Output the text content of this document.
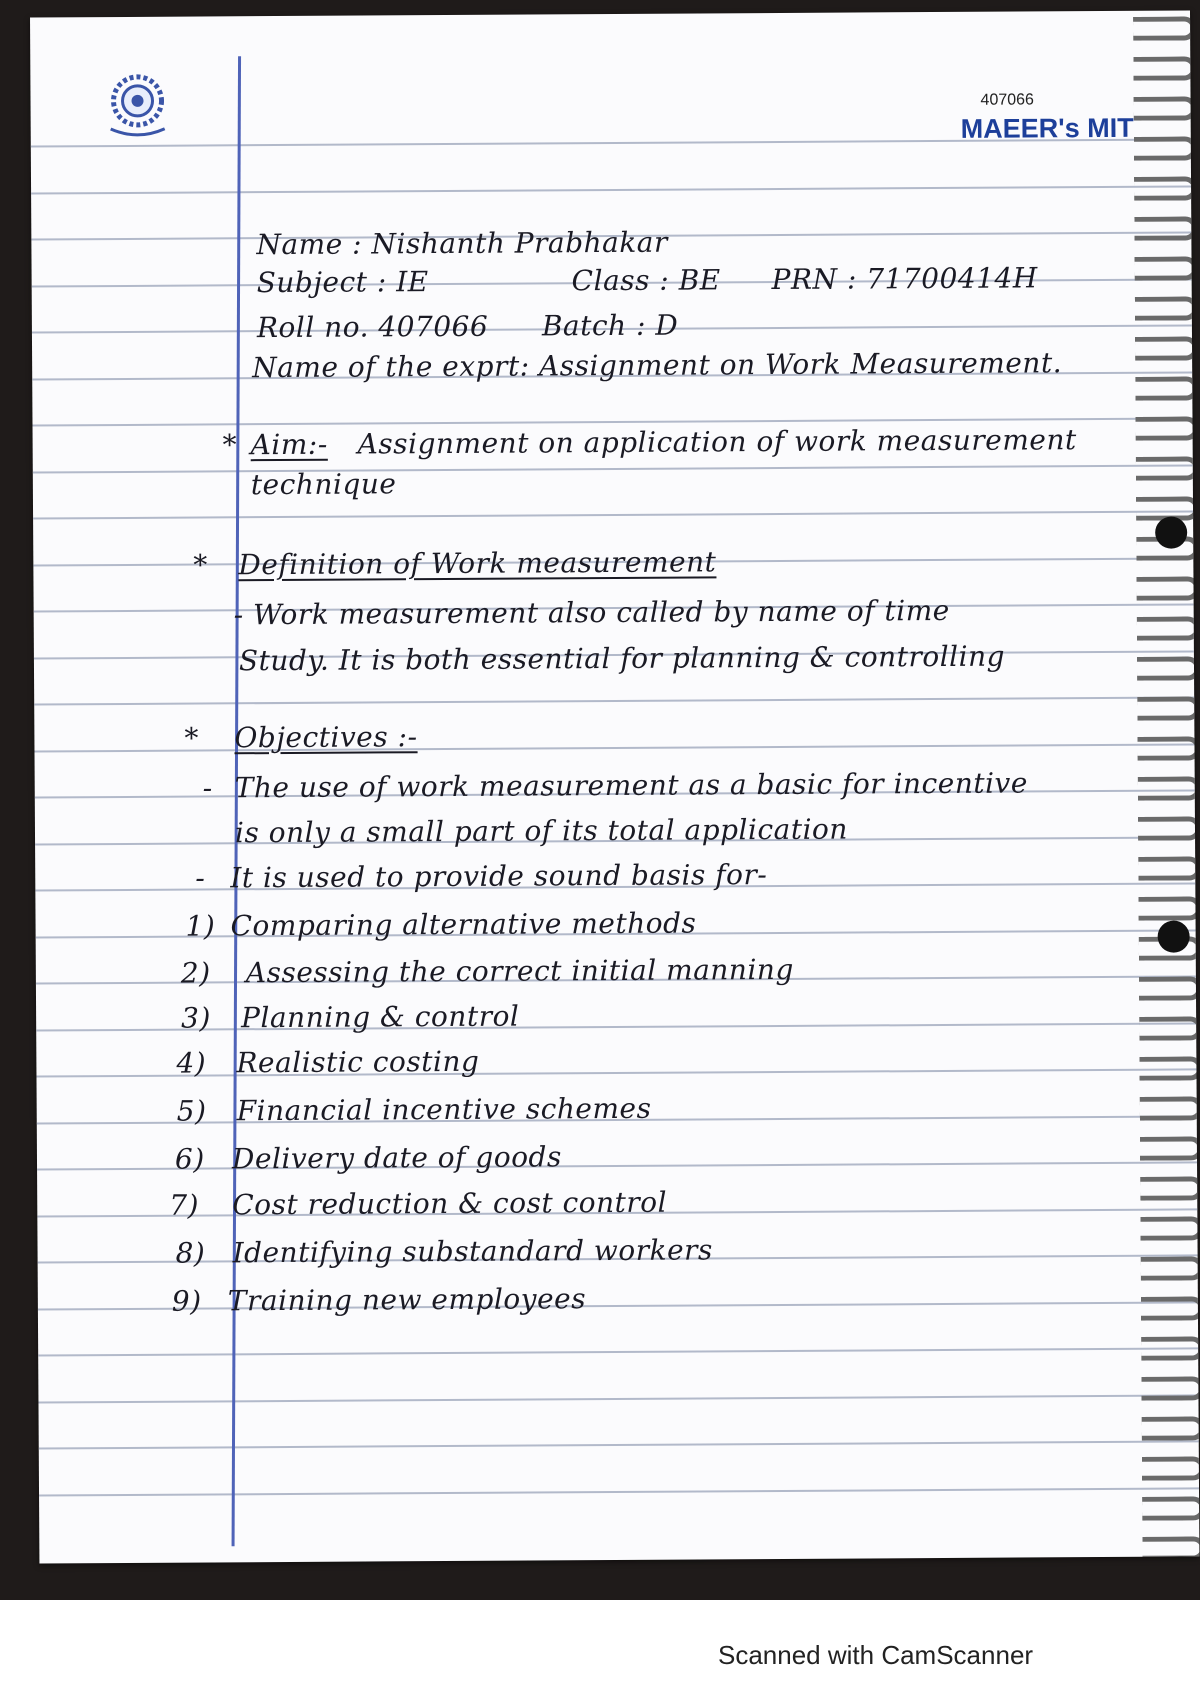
407066
MAEER's MIT
Name : Nishanth Prabhakar
Subject : IE	Class : BE PRN : 71700414H
Roll no. 407066 Batch : D
Name of the exprt: Assignment on Work Measurement.
* Aim:- Assignment on application of work measurement
technique
* Definition of Work measurement
- Work measurement also called by name of time
Study. It is both essential for planning & controlling
* Objectives :-
- The use of work measurement as a basic for incentive
is only a small part of its total application
- It is used to provide sound basis for-
1) Comparing alternative methods
2) Assessing the correct initial manning
3) Planning & control
4) Realistic costing
5) Financial incentive schemes
6) Delivery date of goods
7) Cost reduction & cost control
8) Identifying substandard workers
9) Training new employees
Scanned with CamScanner
